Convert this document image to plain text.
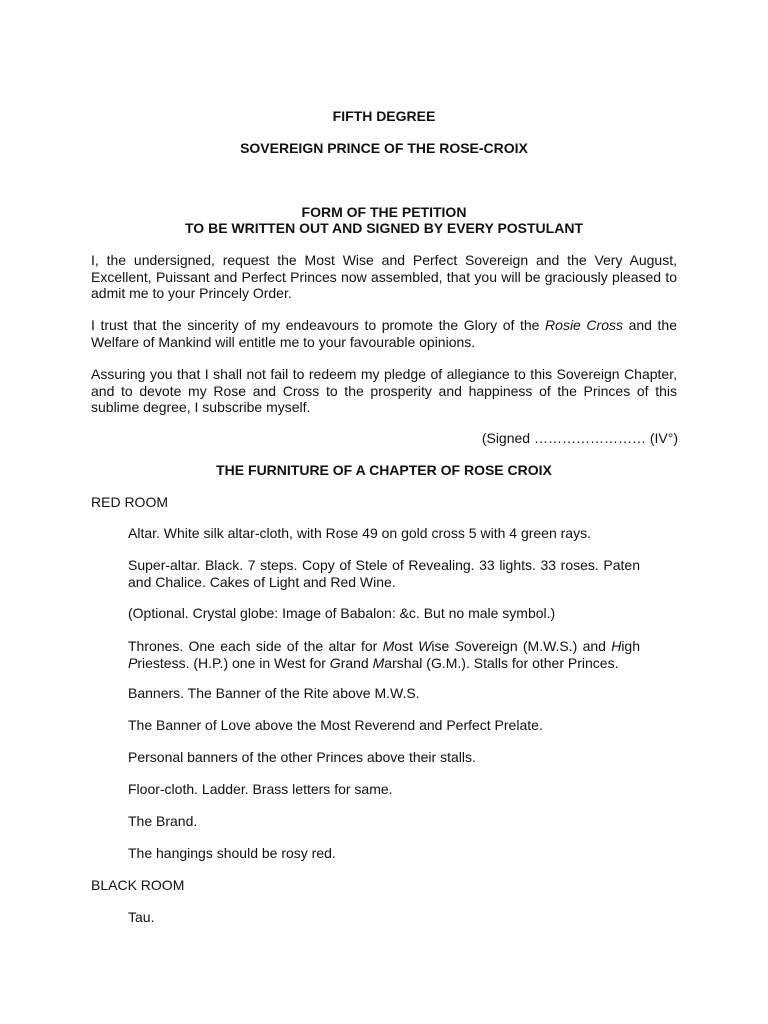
FIFTH DEGREE

SOVEREIGN PRINCE OF THE ROSE-CROIX

FORM OF THE PETITION

TO BE WRITTEN OUT AND SIGNED BY EVERY POSTULANT

I, the undersigned, request the Most Wise and Perfect Sovereign and the Very August, Excellent, Puissant and Perfect Princes now assembled, that you will be graciously pleased to admit me to your Princely Order.

I trust that the sincerity of my endeavours to promote the Glory of the Rosie Cross and the Welfare of Mankind will entitle me to your favourable opinions.

Assuring you that I shall not fail to redeem my pledge of allegiance to this Sovereign Chapter, and to devote my Rose and Cross to the prosperity and happiness of the Princes of this sublime degree, I subscribe myself.

(Signed …………………… (IV°)

THE FURNITURE OF A CHAPTER OF ROSE CROIX

RED ROOM

Altar. White silk altar-cloth, with Rose 49 on gold cross 5 with 4 green rays.

Super-altar. Black. 7 steps. Copy of Stele of Revealing. 33 lights. 33 roses. Paten and Chalice. Cakes of Light and Red Wine.

(Optional. Crystal globe: Image of Babalon: &c. But no male symbol.)

Thrones. One each side of the altar for Most Wise Sovereign (M.W.S.) and High Priestess. (H.P.) one in West for Grand Marshal (G.M.). Stalls for other Princes.

Banners. The Banner of the Rite above M.W.S.

The Banner of Love above the Most Reverend and Perfect Prelate.

Personal banners of the other Princes above their stalls.

Floor-cloth. Ladder. Brass letters for same.

The Brand.

The hangings should be rosy red.

BLACK ROOM

Tau.
